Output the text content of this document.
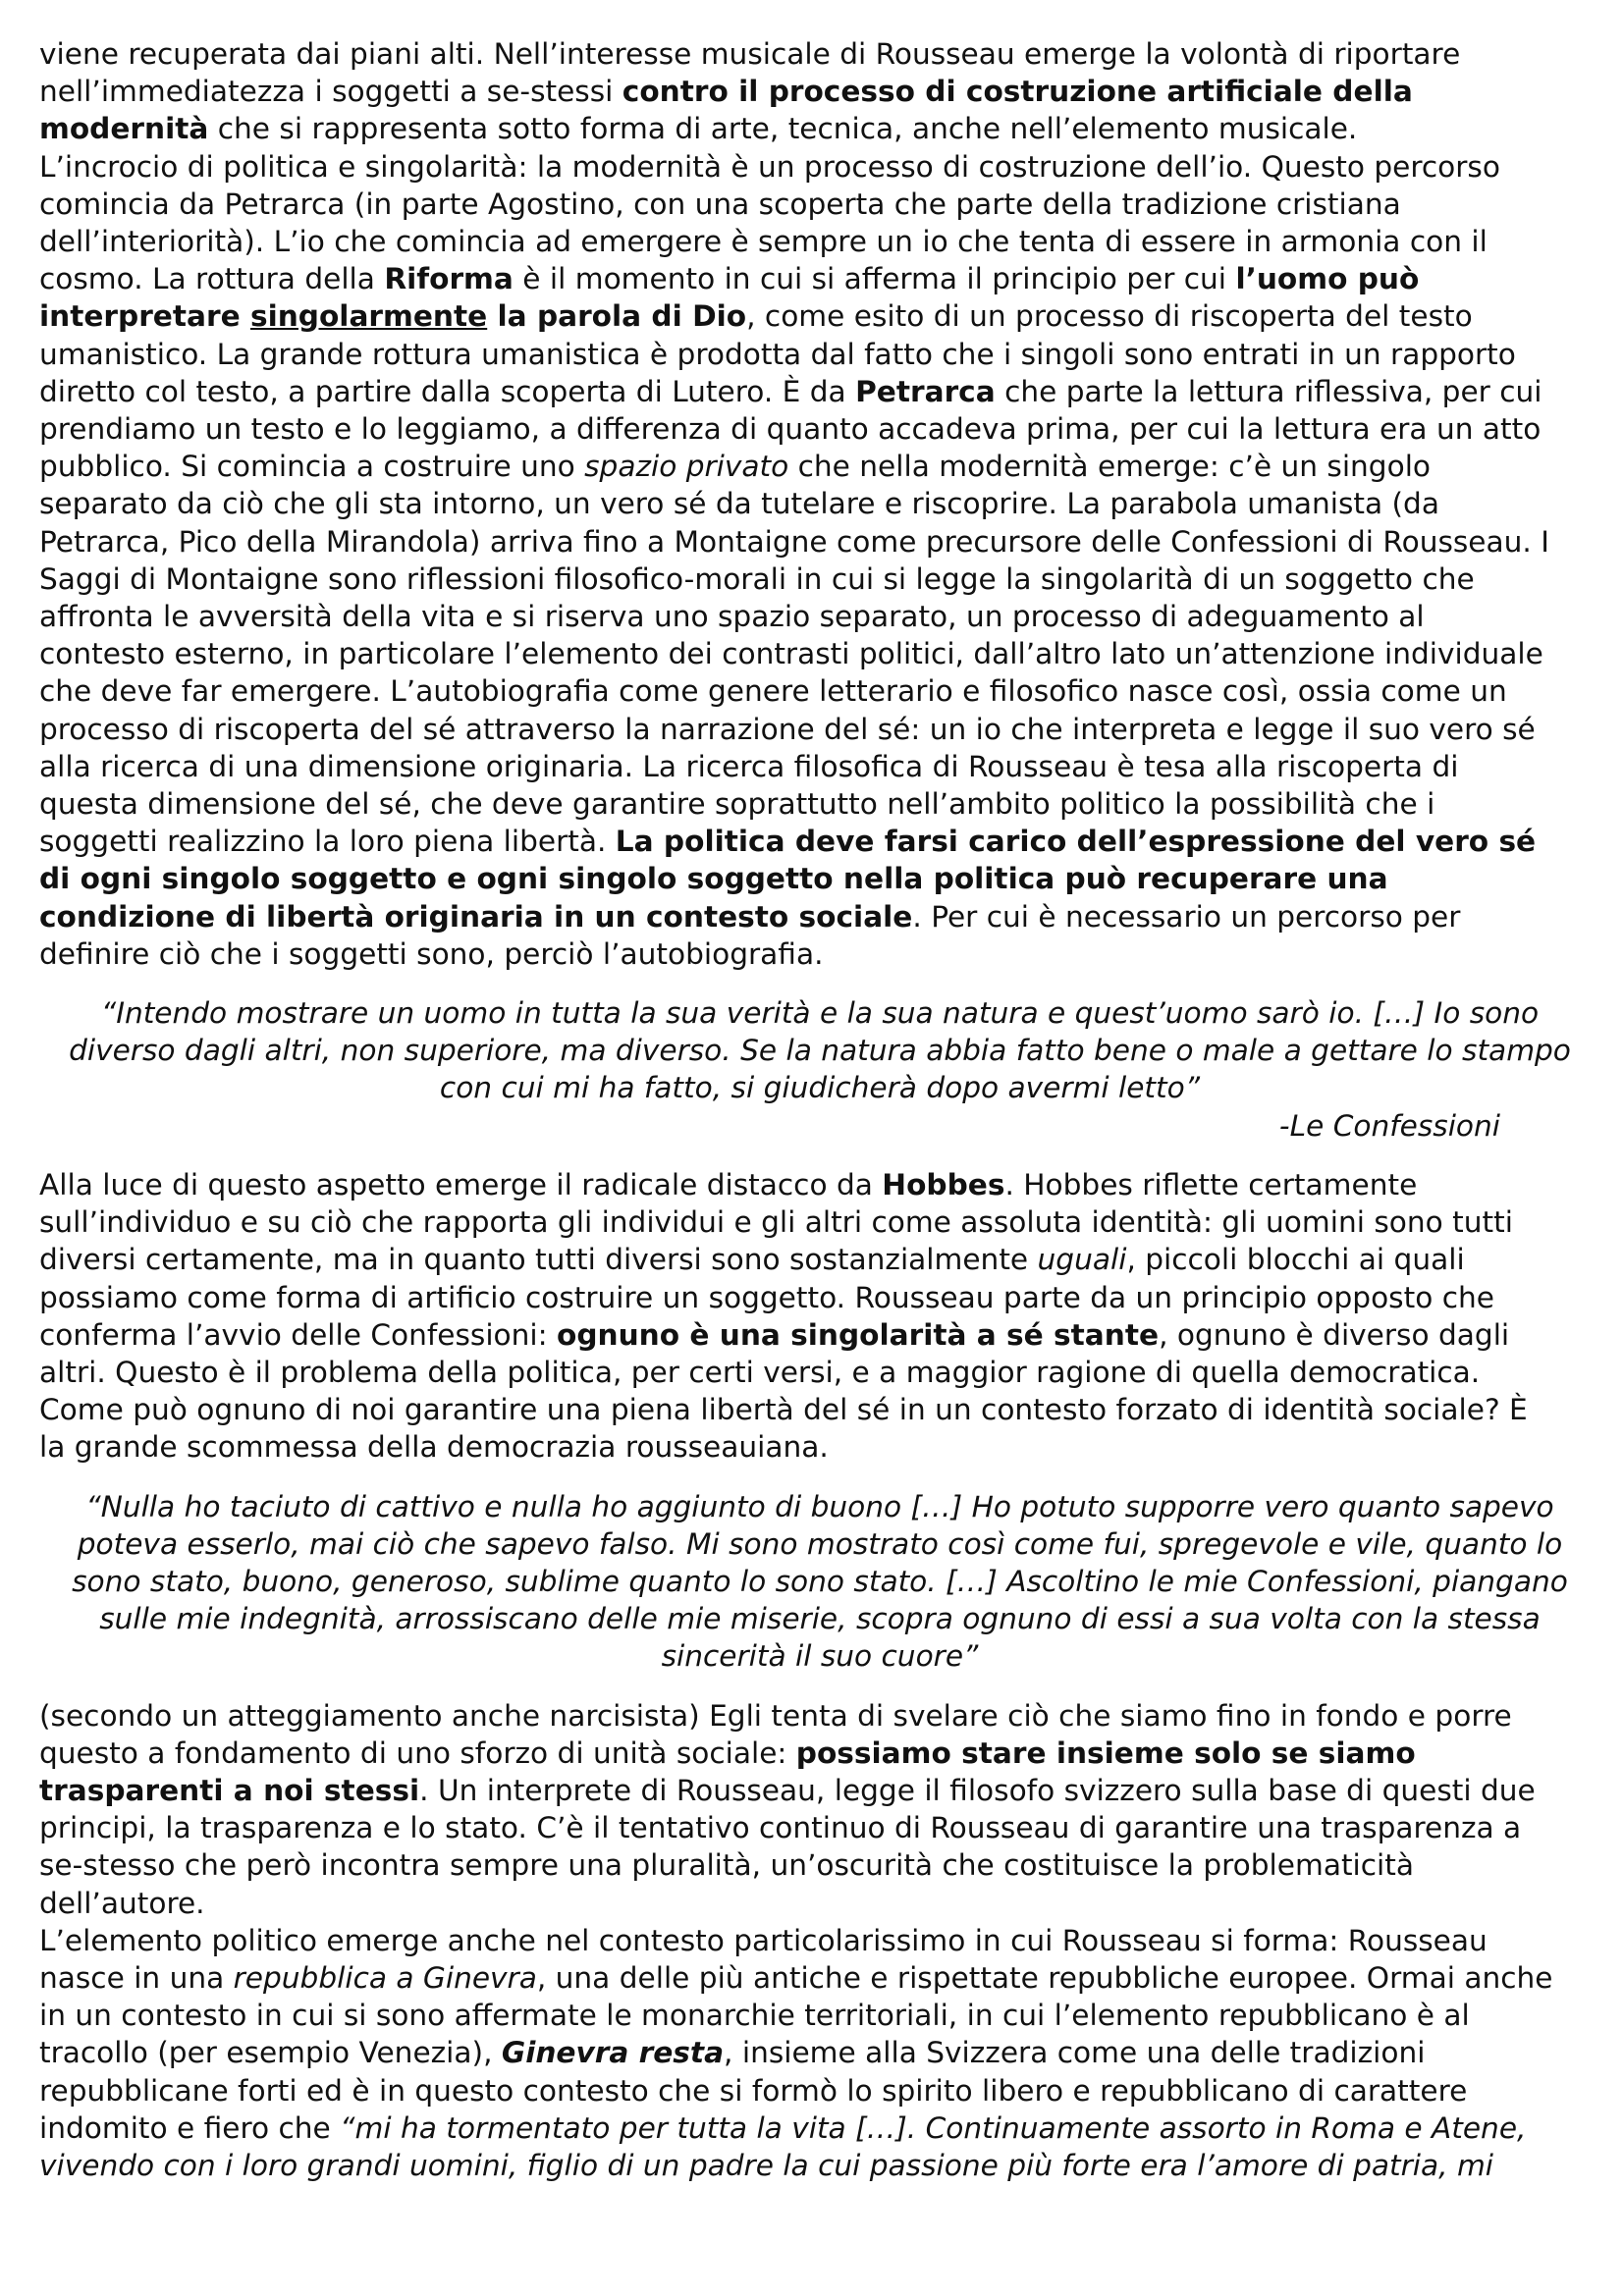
viene recuperata dai piani alti. Nell’interesse musicale di Rousseau emerge la volontà di riportare

nell’immediatezza i soggetti a se-stessi contro il processo di costruzione artificiale della

modernità che si rappresenta sotto forma di arte, tecnica, anche nell’elemento musicale.

L’incrocio di politica e singolarità: la modernità è un processo di costruzione dell’io. Questo percorso

comincia da Petrarca (in parte Agostino, con una scoperta che parte della tradizione cristiana

dell’interiorità). L’io che comincia ad emergere è sempre un io che tenta di essere in armonia con il

cosmo. La rottura della Riforma è il momento in cui si afferma il principio per cui l’uomo può

interpretare singolarmente la parola di Dio, come esito di un processo di riscoperta del testo

umanistico. La grande rottura umanistica è prodotta dal fatto che i singoli sono entrati in un rapporto

diretto col testo, a partire dalla scoperta di Lutero. È da Petrarca che parte la lettura riflessiva, per cui

prendiamo un testo e lo leggiamo, a differenza di quanto accadeva prima, per cui la lettura era un atto

pubblico. Si comincia a costruire uno spazio privato che nella modernità emerge: c’è un singolo

separato da ciò che gli sta intorno, un vero sé da tutelare e riscoprire. La parabola umanista (da

Petrarca, Pico della Mirandola) arriva fino a Montaigne come precursore delle Confessioni di Rousseau. I

Saggi di Montaigne sono riflessioni filosofico-morali in cui si legge la singolarità di un soggetto che

affronta le avversità della vita e si riserva uno spazio separato, un processo di adeguamento al

contesto esterno, in particolare l’elemento dei contrasti politici, dall’altro lato un’attenzione individuale

che deve far emergere. L’autobiografia come genere letterario e filosofico nasce così, ossia come un

processo di riscoperta del sé attraverso la narrazione del sé: un io che interpreta e legge il suo vero sé

alla ricerca di una dimensione originaria. La ricerca filosofica di Rousseau è tesa alla riscoperta di

questa dimensione del sé, che deve garantire soprattutto nell’ambito politico la possibilità che i

soggetti realizzino la loro piena libertà. La politica deve farsi carico dell’espressione del vero sé

di ogni singolo soggetto e ogni singolo soggetto nella politica può recuperare una

condizione di libertà originaria in un contesto sociale. Per cui è necessario un percorso per

definire ciò che i soggetti sono, perciò l’autobiografia.

“Intendo mostrare un uomo in tutta la sua verità e la sua natura e quest’uomo sarò io. […] Io sono

diverso dagli altri, non superiore, ma diverso. Se la natura abbia fatto bene o male a gettare lo stampo

con cui mi ha fatto, si giudicherà dopo avermi letto”

-Le Confessioni

Alla luce di questo aspetto emerge il radicale distacco da Hobbes. Hobbes riflette certamente

sull’individuo e su ciò che rapporta gli individui e gli altri come assoluta identità: gli uomini sono tutti

diversi certamente, ma in quanto tutti diversi sono sostanzialmente uguali, piccoli blocchi ai quali

possiamo come forma di artificio costruire un soggetto. Rousseau parte da un principio opposto che

conferma l’avvio delle Confessioni: ognuno è una singolarità a sé stante, ognuno è diverso dagli

altri. Questo è il problema della politica, per certi versi, e a maggior ragione di quella democratica.

Come può ognuno di noi garantire una piena libertà del sé in un contesto forzato di identità sociale? È

la grande scommessa della democrazia rousseauiana.

“Nulla ho taciuto di cattivo e nulla ho aggiunto di buono […] Ho potuto supporre vero quanto sapevo

poteva esserlo, mai ciò che sapevo falso. Mi sono mostrato così come fui, spregevole e vile, quanto lo

sono stato, buono, generoso, sublime quanto lo sono stato. […] Ascoltino le mie Confessioni, piangano

sulle mie indegnità, arrossiscano delle mie miserie, scopra ognuno di essi a sua volta con la stessa

sincerità il suo cuore”

(secondo un atteggiamento anche narcisista) Egli tenta di svelare ciò che siamo fino in fondo e porre

questo a fondamento di uno sforzo di unità sociale: possiamo stare insieme solo se siamo

trasparenti a noi stessi. Un interprete di Rousseau, legge il filosofo svizzero sulla base di questi due

principi, la trasparenza e lo stato. C’è il tentativo continuo di Rousseau di garantire una trasparenza a

se-stesso che però incontra sempre una pluralità, un’oscurità che costituisce la problematicità

dell’autore.

L’elemento politico emerge anche nel contesto particolarissimo in cui Rousseau si forma: Rousseau

nasce in una repubblica a Ginevra, una delle più antiche e rispettate repubbliche europee. Ormai anche

in un contesto in cui si sono affermate le monarchie territoriali, in cui l’elemento repubblicano è al

tracollo (per esempio Venezia), Ginevra resta, insieme alla Svizzera come una delle tradizioni

repubblicane forti ed è in questo contesto che si formò lo spirito libero e repubblicano di carattere

indomito e fiero che “mi ha tormentato per tutta la vita […]. Continuamente assorto in Roma e Atene,

vivendo con i loro grandi uomini, figlio di un padre la cui passione più forte era l’amore di patria, mi
